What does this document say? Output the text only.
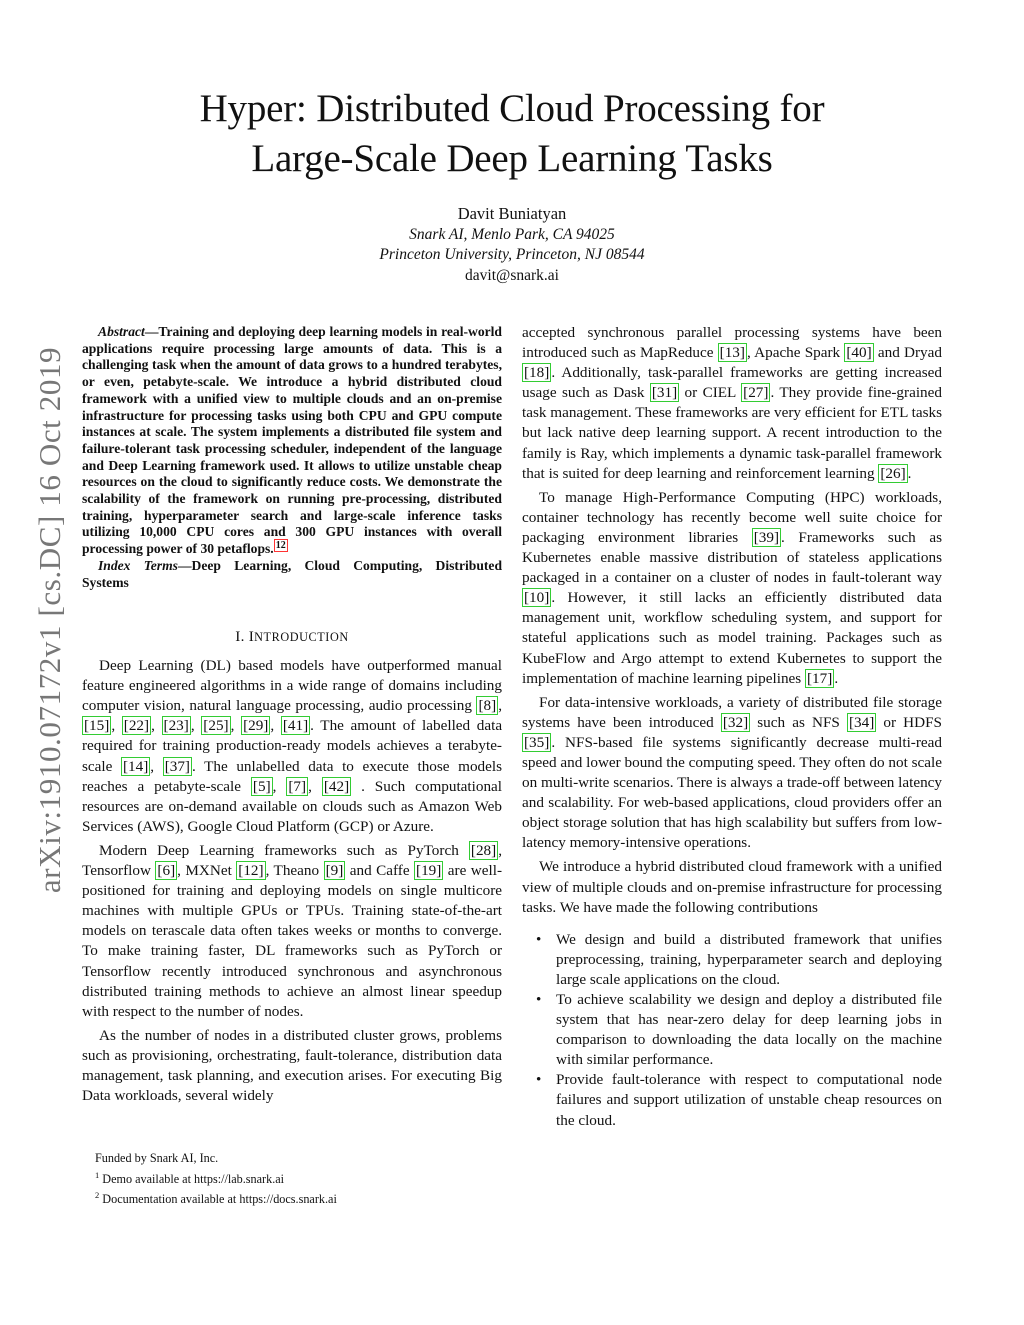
Hyper: Distributed Cloud Processing for
Large-Scale Deep Learning Tasks
Davit Buniatyan
Snark AI, Menlo Park, CA 94025
Princeton University, Princeton, NJ 08544
davit@snark.ai
arXiv:1910.07172v1 [cs.DC] 16 Oct 2019

Abstract—Training and deploying deep learning models in real-world applications require processing large amounts of data. This is a challenging task when the amount of data grows to a hundred terabytes, or even, petabyte-scale. We introduce a hybrid distributed cloud framework with a unified view to multiple clouds and an on-premise infrastructure for processing tasks using both CPU and GPU compute instances at scale. The system implements a distributed file system and failure-tolerant task processing scheduler, independent of the language and Deep Learning framework used. It allows to utilize unstable cheap resources on the cloud to significantly reduce costs. We demonstrate the scalability of the framework on running pre-processing, distributed training, hyperparameter search and large-scale inference tasks utilizing 10,000 CPU cores and 300 GPU instances with overall processing power of 30 petaflops. $^{12}$

Index Terms—Deep Learning, Cloud Computing, Distributed Systems

I. INTRODUCTION

Deep Learning (DL) based models have outperformed manual feature engineered algorithms in a wide range of domains including computer vision, natural language processing, audio processing [8] , [15] , [22] , [23] , [25] , [29] , [41] . The amount of labelled data required for training production-ready models achieves a terabyte-scale [14] , [37] . The unlabelled data to execute those models reaches a petabyte-scale [5] , [7] , [42] . Such computational resources are on-demand available on clouds such as Amazon Web Services (AWS), Google Cloud Platform (GCP) or Azure.

Modern Deep Learning frameworks such as PyTorch [28] , Tensorflow [6] , MXNet [12] , Theano [9] and Caffe [19] are well-positioned for training and deploying models on single multicore machines with multiple GPUs or TPUs. Training state-of-the-art models on terascale data often takes weeks or months to converge. To make training faster, DL frameworks such as PyTorch or Tensorflow recently introduced synchronous and asynchronous distributed training methods to achieve an almost linear speedup with respect to the number of nodes.

As the number of nodes in a distributed cluster grows, problems such as provisioning, orchestrating, fault-tolerance, distribution data management, task planning, and execution arises. For executing Big Data workloads, several widely

accepted synchronous parallel processing systems have been introduced such as MapReduce [13] , Apache Spark [40] and Dryad [18] . Additionally, task-parallel frameworks are getting increased usage such as Dask [31] or CIEL [27] . They provide fine-grained task management. These frameworks are very efficient for ETL tasks but lack native deep learning support. A recent introduction to the family is Ray, which implements a dynamic task-parallel framework that is suited for deep learning and reinforcement learning [26] .

To manage High-Performance Computing (HPC) workloads, container technology has recently become well suite choice for packaging environment libraries [39] . Frameworks such as Kubernetes enable massive distribution of stateless applications packaged in a container on a cluster of nodes in fault-tolerant way [10] . However, it still lacks an efficiently distributed data management unit, workflow scheduling system, and support for stateful applications such as model training. Packages such as KubeFlow and Argo attempt to extend Kubernetes to support the implementation of machine learning pipelines [17] .

For data-intensive workloads, a variety of distributed file storage systems have been introduced [32] such as NFS [34] or HDFS [35] . NFS-based file systems significantly decrease multi-read speed and lower bound the computing speed. They often do not scale on multi-write scenarios. There is always a trade-off between latency and scalability. For web-based applications, cloud providers offer an object storage solution that has high scalability but suffers from low-latency memory-intensive operations.

We introduce a hybrid distributed cloud framework with a unified view of multiple clouds and on-premise infrastructure for processing tasks. We have made the following contributions

• We design and build a distributed framework that unifies preprocessing, training, hyperparameter search and deploying large scale applications on the cloud.
• To achieve scalability we design and deploy a distributed file system that has near-zero delay for deep learning jobs in comparison to downloading the data locally on the machine with similar performance.
• Provide fault-tolerance with respect to computational node failures and support utilization of unstable cheap resources on the cloud.

Funded by Snark AI, Inc.

$^1$ Demo available at https://lab.snark.ai

$^2$ Documentation available at https://docs.snark.ai
